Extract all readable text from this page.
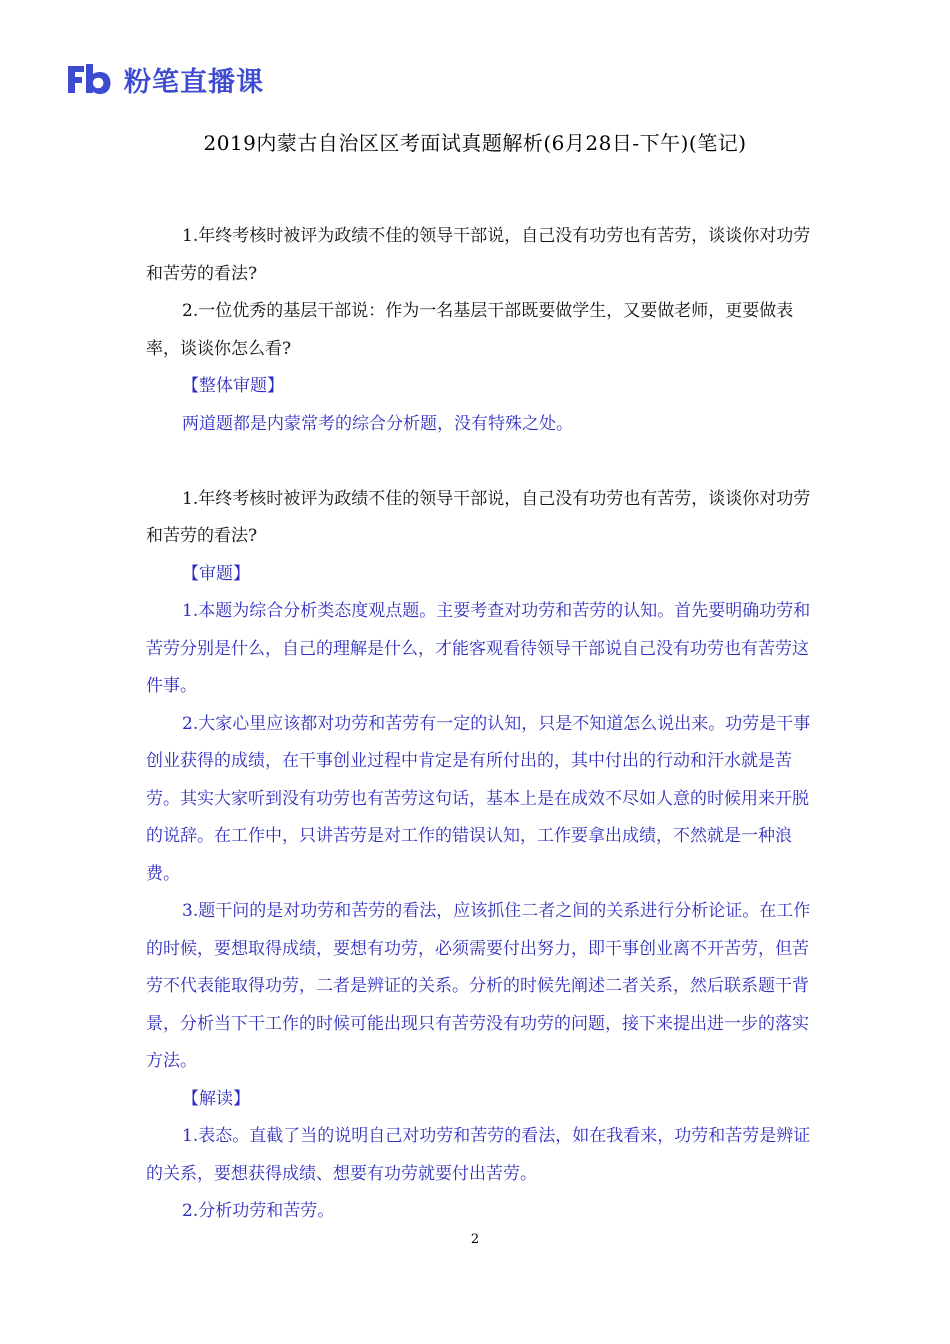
粉笔直播课
2019内蒙古自治区区考面试真题解析(6月28日-下午)(笔记)

1.年终考核时被评为政绩不佳的领导干部说，自己没有功劳也有苦劳，谈谈你对功劳和苦劳的看法?

2.一位优秀的基层干部说：作为一名基层干部既要做学生，又要做老师，更要做表率，谈谈你怎么看?

【整体审题】

两道题都是内蒙常考的综合分析题，没有特殊之处。

1.年终考核时被评为政绩不佳的领导干部说，自己没有功劳也有苦劳，谈谈你对功劳和苦劳的看法?

【审题】

1.本题为综合分析类态度观点题。主要考查对功劳和苦劳的认知。首先要明确功劳和苦劳分别是什么，自己的理解是什么，才能客观看待领导干部说自己没有功劳也有苦劳这件事。

2.大家心里应该都对功劳和苦劳有一定的认知，只是不知道怎么说出来。功劳是干事创业获得的成绩，在干事创业过程中肯定是有所付出的，其中付出的行动和汗水就是苦劳。其实大家听到没有功劳也有苦劳这句话，基本上是在成效不尽如人意的时候用来开脱的说辞。在工作中，只讲苦劳是对工作的错误认知，工作要拿出成绩，不然就是一种浪费。

3.题干问的是对功劳和苦劳的看法，应该抓住二者之间的关系进行分析论证。在工作的时候，要想取得成绩，要想有功劳，必须需要付出努力，即干事创业离不开苦劳，但苦劳不代表能取得功劳，二者是辨证的关系。分析的时候先阐述二者关系，然后联系题干背景，分析当下干工作的时候可能出现只有苦劳没有功劳的问题，接下来提出进一步的落实方法。

【解读】

1.表态。直截了当的说明自己对功劳和苦劳的看法，如在我看来，功劳和苦劳是辨证的关系，要想获得成绩、想要有功劳就要付出苦劳。

2.分析功劳和苦劳。

2
